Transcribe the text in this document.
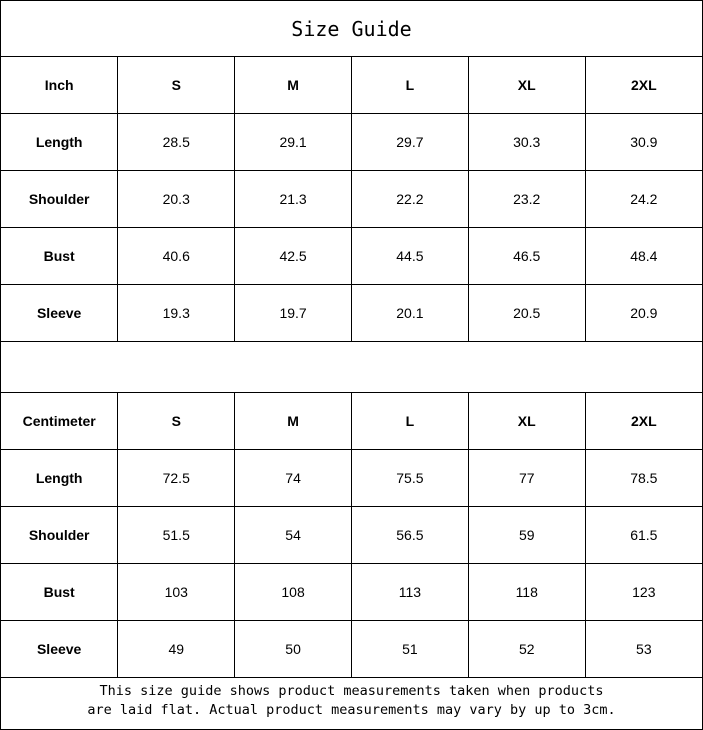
Size Guide
Inch	S	M	L	XL	2XL
Length	28.5	29.1	29.7	30.3	30.9
Shoulder	20.3	21.3	22.2	23.2	24.2
Bust	40.6	42.5	44.5	46.5	48.4
Sleeve	19.3	19.7	20.1	20.5	20.9
Centimeter	S	M	L	XL	2XL
Length	72.5	74	75.5	77	78.5
Shoulder	51.5	54	56.5	59	61.5
Bust	103	108	113	118	123
Sleeve	49	50	51	52	53
This size guide shows product measurements taken when products
are laid flat. Actual product measurements may vary by up to 3cm.
